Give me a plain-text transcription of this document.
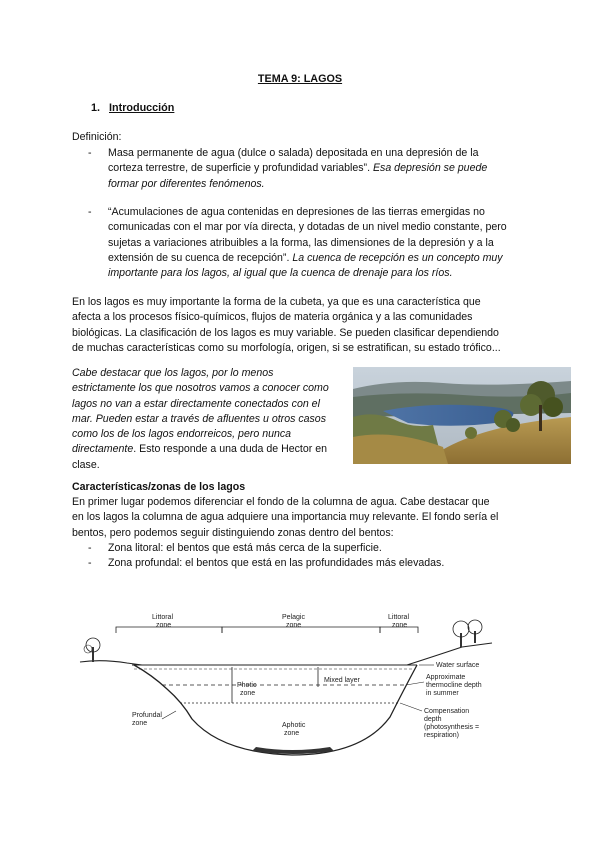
TEMA 9: LAGOS
1. Introducción
Definición:
- Masa permanente de agua (dulce o salada) depositada en una depresión de la
corteza terrestre, de superficie y profundidad variables”. Esa depresión se puede
formar por diferentes fenómenos.
- “Acumulaciones de agua contenidas en depresiones de las tierras emergidas no
comunicadas con el mar por vía directa, y dotadas de un nivel medio constante, pero
sujetas a variaciones atribuibles a la forma, las dimensiones de la depresión y a la
extensión de su cuenca de recepción”. La cuenca de recepción es un concepto muy
importante para los lagos, al igual que la cuenca de drenaje para los ríos.
En los lagos es muy importante la forma de la cubeta, ya que es una característica que
afecta a los procesos físico-químicos, flujos de materia orgánica y a las comunidades
biológicas. La clasificación de los lagos es muy variable. Se pueden clasificar dependiendo
de muchas características como su morfología, origen, si se estratifican, su estado trófico...
Cabe destacar que los lagos, por lo menos
estrictamente los que nosotros vamos a conocer como
lagos no van a estar directamente conectados con el
mar. Pueden estar a través de afluentes u otros casos
como los de los lagos endorreicos, pero nunca
directamente. Esto responde a una duda de Hector en
clase.
Características/zonas de los lagos
En primer lugar podemos diferenciar el fondo de la columna de agua. Cabe destacar que
en los lagos la columna de agua adquiere una importancia muy relevante. El fondo sería el
bentos, pero podemos seguir distinguiendo zonas dentro del bentos:
- Zona litoral: el bentos que está más cerca de la superficie.
- Zona profundal: el bentos que está en las profundidades más elevadas.
Littoral
zone
Pelagic
zone
Littoral
zone
Water surface
Photic
zone
Mixed layer	Approximate
thermocline depth
in summer
Profundal
zone
Compensation
depth
(photosynthesis =
respiration)
Aphotic
zone
